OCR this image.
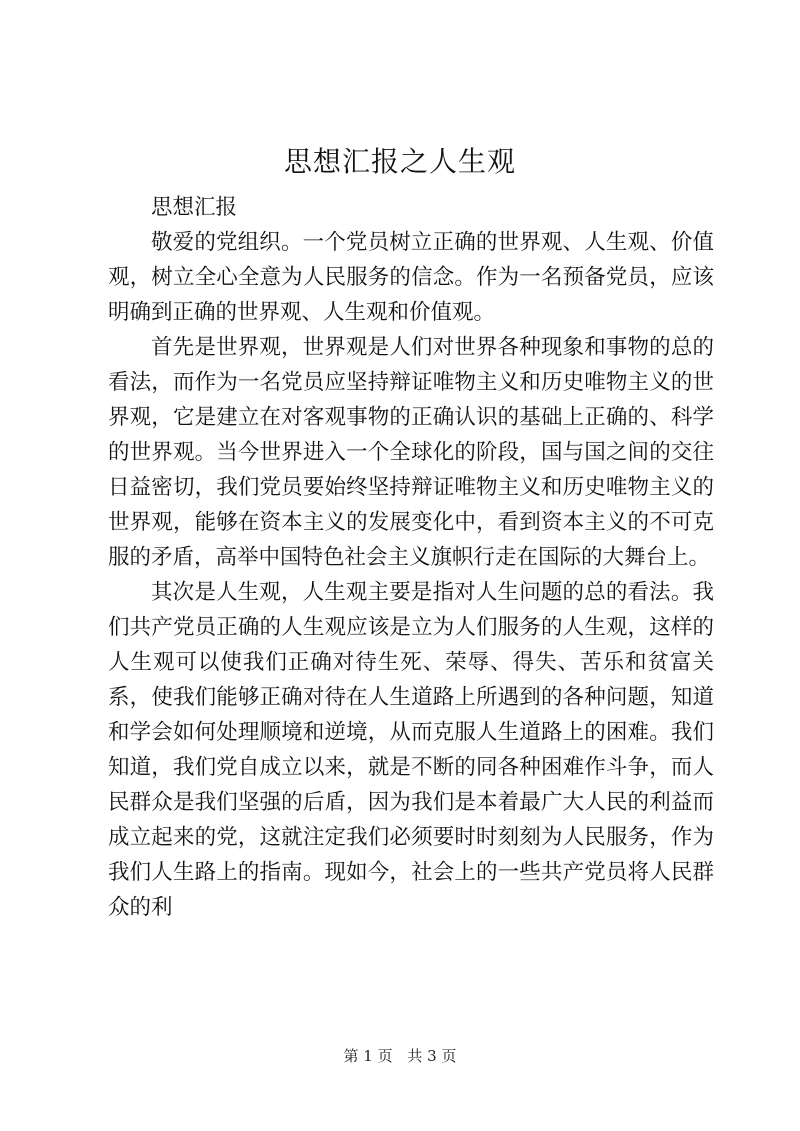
思想汇报之人生观

思想汇报

敬爱的党组织。一个党员树立正确的世界观、人生观、价值观，树立全心全意为人民服务的信念。作为一名预备党员，应该明确到正确的世界观、人生观和价值观。

首先是世界观，世界观是人们对世界各种现象和事物的总的看法，而作为一名党员应坚持辩证唯物主义和历史唯物主义的世界观，它是建立在对客观事物的正确认识的基础上正确的、科学的世界观。当今世界进入一个全球化的阶段，国与国之间的交往日益密切，我们党员要始终坚持辩证唯物主义和历史唯物主义的世界观，能够在资本主义的发展变化中，看到资本主义的不可克服的矛盾，高举中国特色社会主义旗帜行走在国际的大舞台上。

其次是人生观，人生观主要是指对人生问题的总的看法。我们共产党员正确的人生观应该是立为人们服务的人生观，这样的人生观可以使我们正确对待生死、荣辱、得失、苦乐和贫富关系，使我们能够正确对待在人生道路上所遇到的各种问题，知道和学会如何处理顺境和逆境，从而克服人生道路上的困难。我们知道，我们党自成立以来，就是不断的同各种困难作斗争，而人民群众是我们坚强的后盾，因为我们是本着最广大人民的利益而成立起来的党，这就注定我们必须要时时刻刻为人民服务，作为我们人生路上的指南。现如今，社会上的一些共产党员将人民群众的利

第 1 页 共 3 页
